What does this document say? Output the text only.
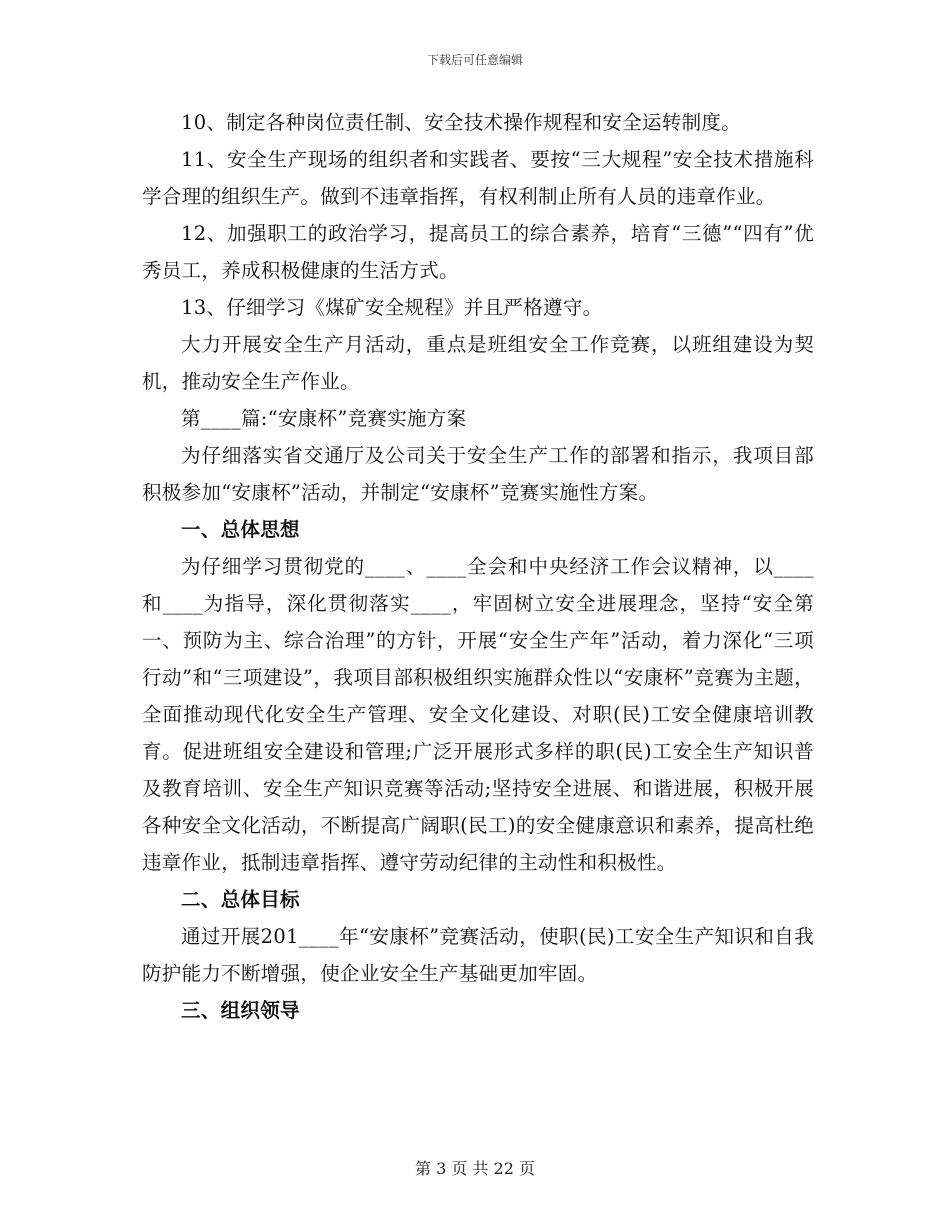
下载后可任意编辑

10、制定各种岗位责任制、安全技术操作规程和安全运转制度。

11、安全生产现场的组织者和实践者、要按“三大规程”安全技术措施科学合理的组织生产。做到不违章指挥，有权利制止所有人员的违章作业。

12、加强职工的政治学习，提高员工的综合素养，培育“三德”“四有”优秀员工，养成积极健康的生活方式。

13、仔细学习《煤矿安全规程》并且严格遵守。

大力开展安全生产月活动，重点是班组安全工作竞赛，以班组建设为契机，推动安全生产作业。

第____篇:“安康杯”竞赛实施方案

为仔细落实省交通厅及公司关于安全生产工作的部署和指示，我项目部积极参加“安康杯”活动，并制定“安康杯”竞赛实施性方案。

一、总体思想

为仔细学习贯彻党的____、____全会和中央经济工作会议精神，以____和____为指导，深化贯彻落实____，牢固树立安全进展理念，坚持“安全第一、预防为主、综合治理”的方针，开展“安全生产年”活动，着力深化“三项行动”和“三项建设”，我项目部积极组织实施群众性以“安康杯”竞赛为主题，全面推动现代化安全生产管理、安全文化建设、对职(民)工安全健康培训教育。促进班组安全建设和管理;广泛开展形式多样的职(民)工安全生产知识普及教育培训、安全生产知识竞赛等活动;坚持安全进展、和谐进展，积极开展各种安全文化活动，不断提高广阔职(民工)的安全健康意识和素养，提高杜绝违章作业，抵制违章指挥、遵守劳动纪律的主动性和积极性。

二、总体目标

通过开展201____年“安康杯”竞赛活动，使职(民)工安全生产知识和自我防护能力不断增强，使企业安全生产基础更加牢固。

三、组织领导

第 3 页 共 22 页
